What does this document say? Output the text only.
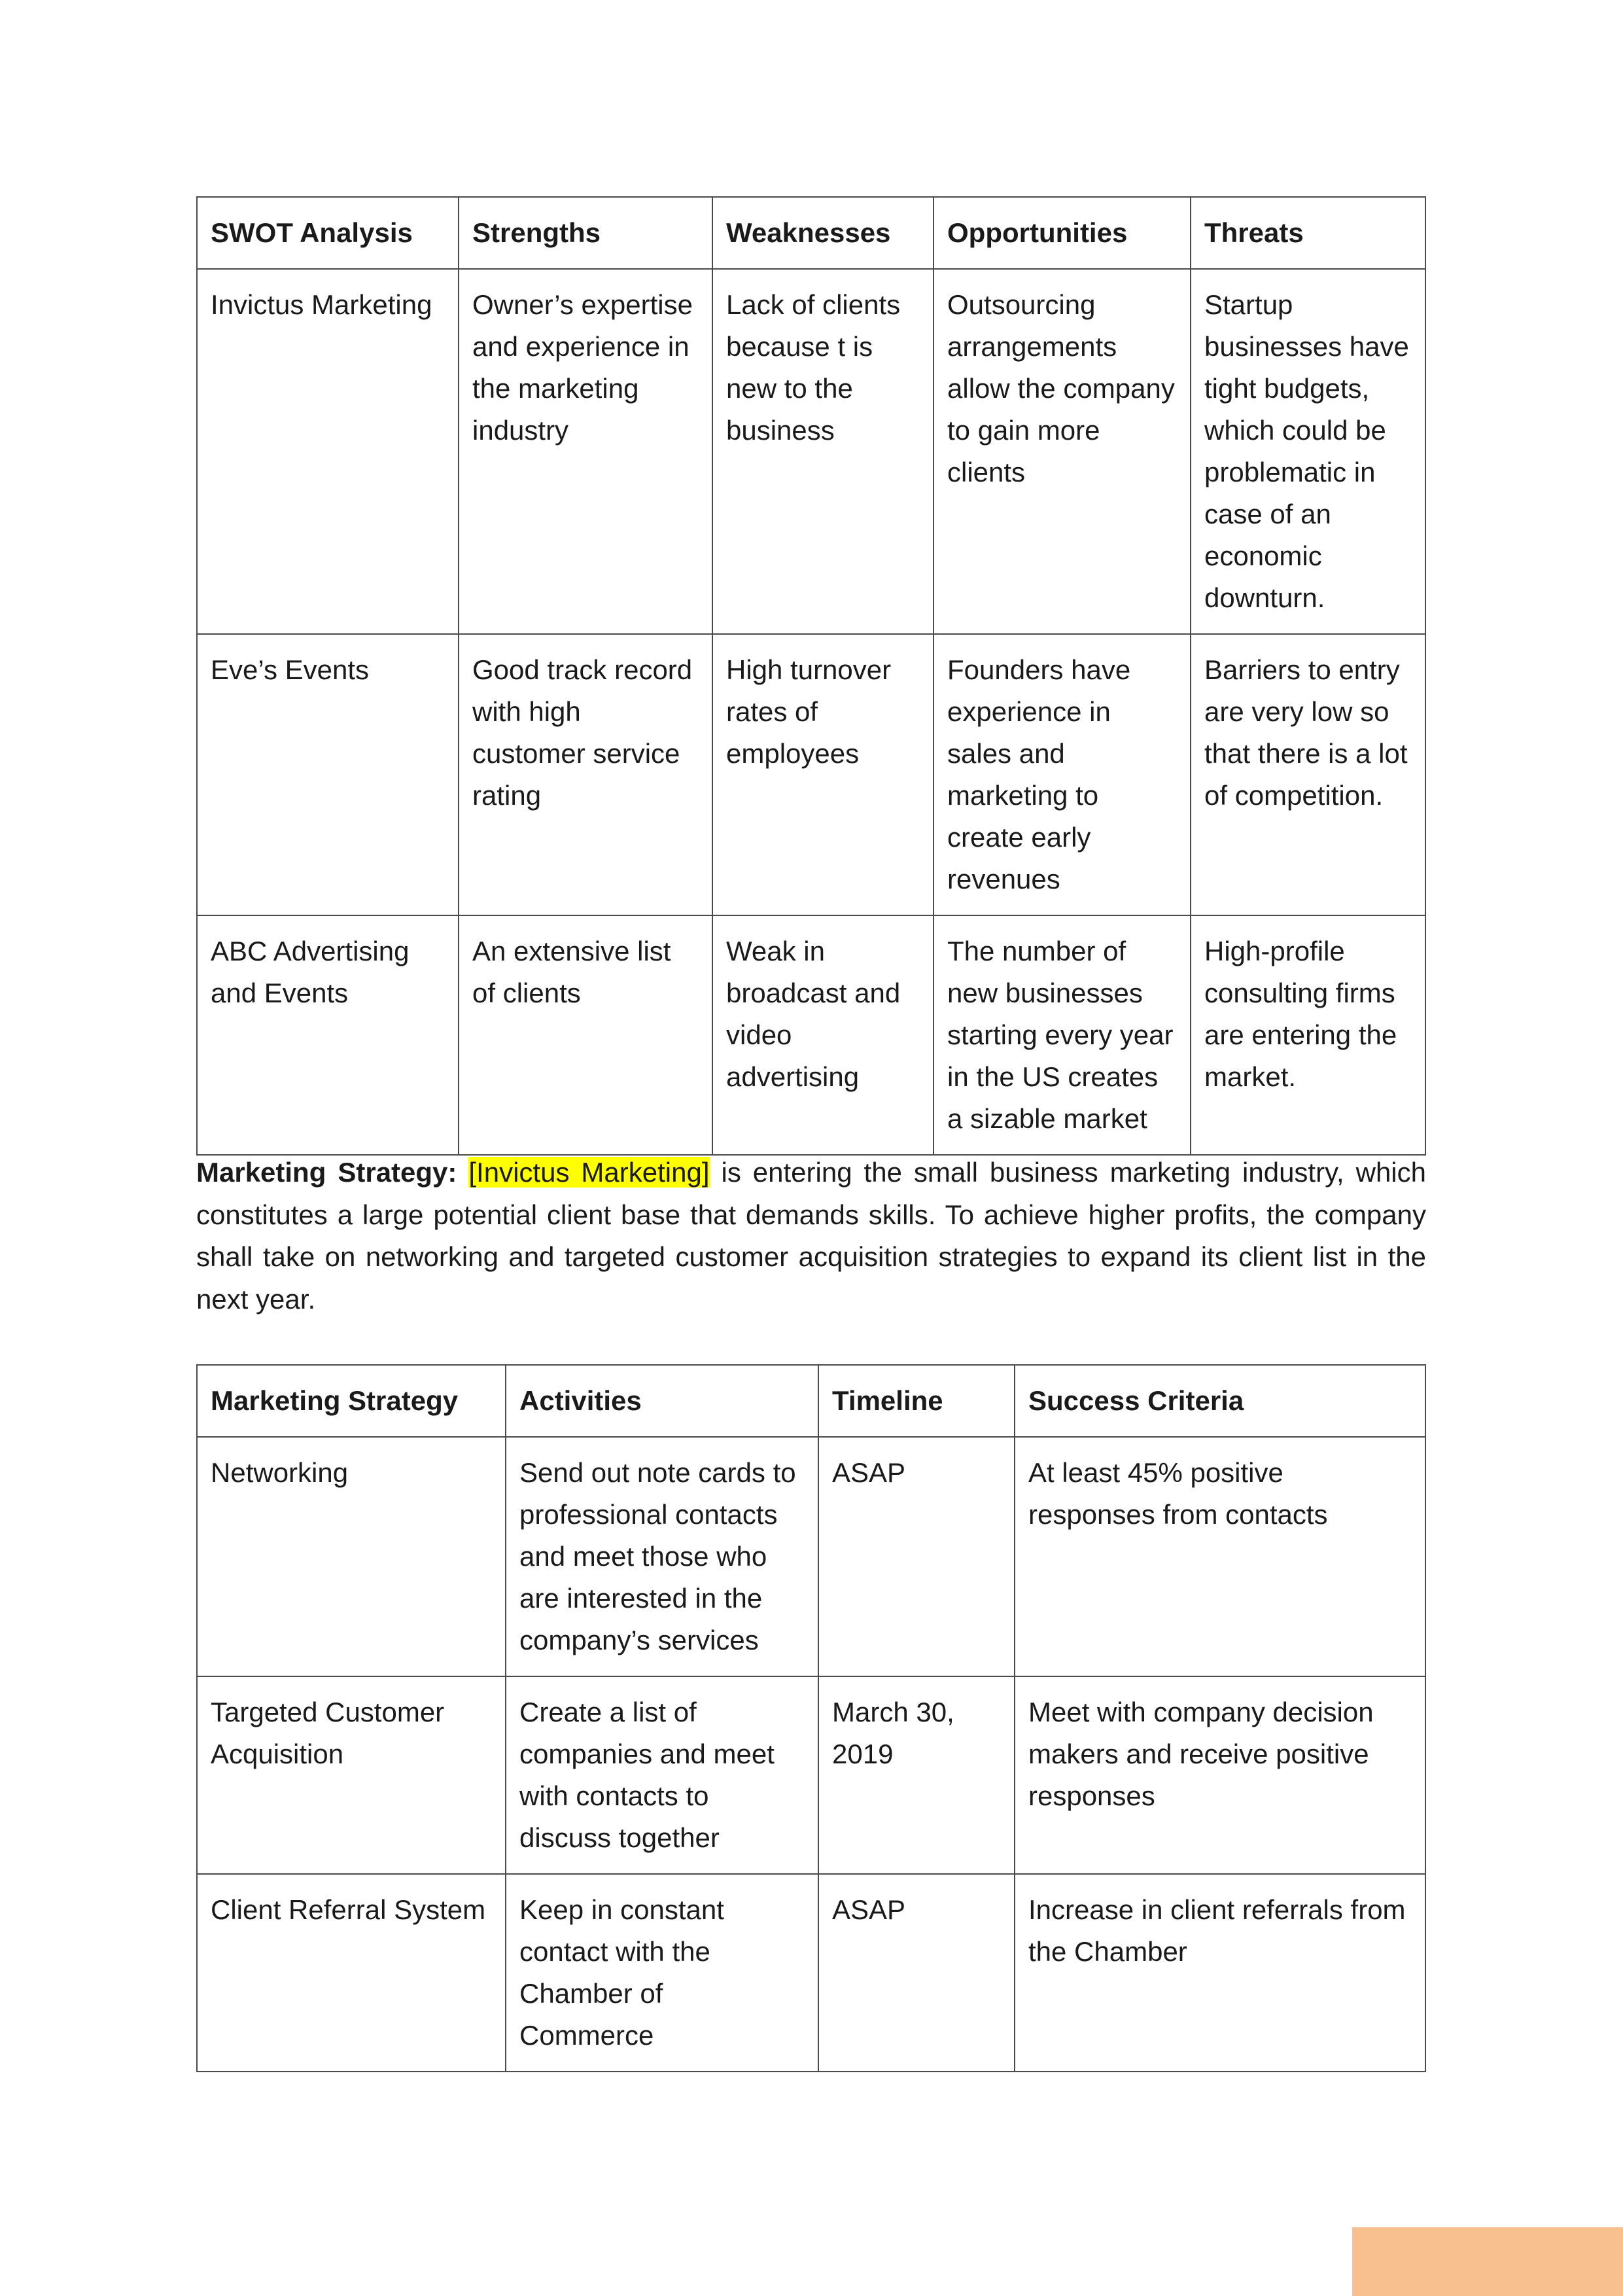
SWOT Analysis	Strengths	Weaknesses	Opportunities	Threats
Invictus Marketing	Owner’s expertise and experience in the marketing industry	Lack of clients because t is new to the business	Outsourcing arrangements allow the company to gain more clients	Startup businesses have tight budgets, which could be problematic in case of an economic downturn.
Eve’s Events	Good track record with high customer service rating	High turnover rates of employees	Founders have experience in sales and marketing to create early revenues	Barriers to entry are very low so that there is a lot of competition.
ABC Advertising and Events	An extensive list of clients	Weak in broadcast and video advertising	The number of new businesses starting every year in the US creates a sizable market	High-profile consulting firms are entering the market.

Marketing Strategy: [Invictus Marketing] is entering the small business marketing industry, which constitutes a large potential client base that demands skills. To achieve higher profits, the company shall take on networking and targeted customer acquisition strategies to expand its client list in the next year.

Marketing Strategy	Activities	Timeline	Success Criteria
Networking	Send out note cards to professional contacts and meet those who are interested in the company’s services	ASAP	At least 45% positive responses from contacts
Targeted Customer Acquisition	Create a list of companies and meet with contacts to discuss together	March 30, 2019	Meet with company decision makers and receive positive responses
Client Referral System	Keep in constant contact with the Chamber of Commerce	ASAP	Increase in client referrals from the Chamber
